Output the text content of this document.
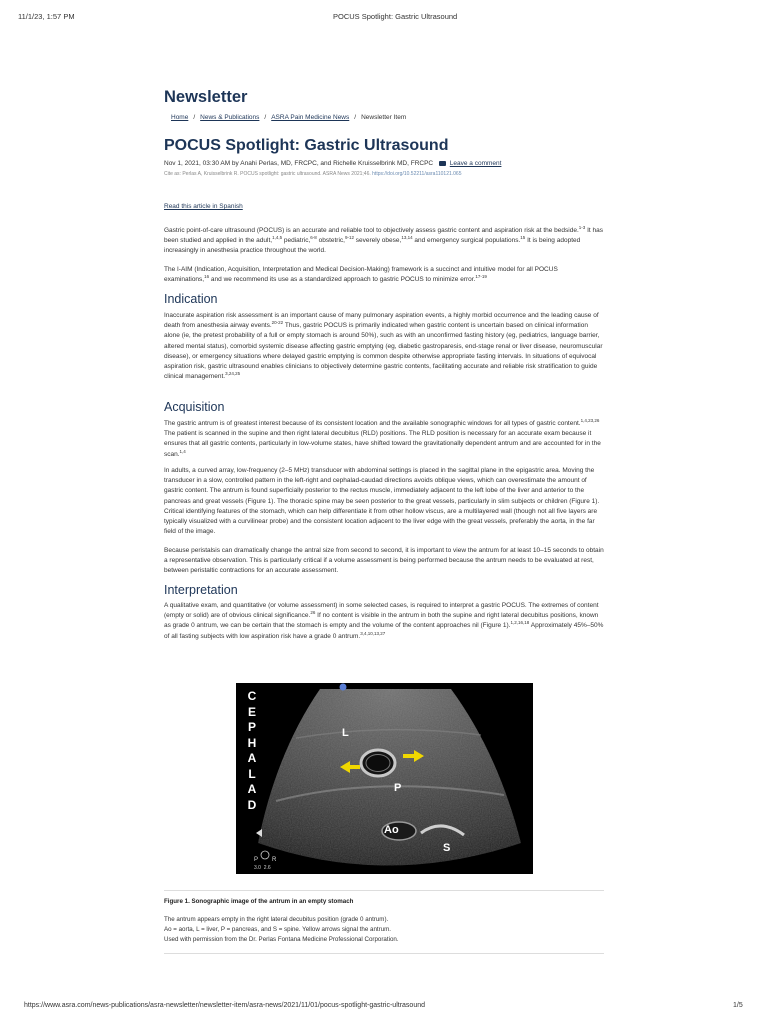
11/1/23, 1:57 PM	POCUS Spotlight: Gastric Ultrasound
Newsletter
Home / News & Publications / ASRA Pain Medicine News / Newsletter Item
POCUS Spotlight: Gastric Ultrasound
Nov 1, 2021, 03:30 AM by Anahi Perlas, MD, FRCPC, and Richelle Kruisselbrink MD, FRCPC	Leave a comment
Cite as: Perlas A, Kruisselbrink R. POCUS spotlight: gastric ultrasound. ASRA News 2021;46. https://doi.org/10.52211/asra110121.065
Read this article in Spanish

Gastric point-of-care ultrasound (POCUS) is an accurate and reliable tool to objectively assess gastric content and aspiration risk at the bedside.$^{1-3}$ It has been studied and applied in the adult,$^{1,4,5}$ pediatric,$^{6-8}$ obstetric,$^{9-12}$ severely obese,$^{13,14}$ and emergency surgical populations.$^{15}$ It is being adopted increasingly in anesthesia practice throughout the world.

The I-AIM (Indication, Acquisition, Interpretation and Medical Decision-Making) framework is a succinct and intuitive model for all POCUS examinations,$^{16}$ and we recommend its use as a standardized approach to gastric POCUS to minimize error.$^{17-19}$

Indication

Inaccurate aspiration risk assessment is an important cause of many pulmonary aspiration events, a highly morbid occurrence and the leading cause of death from anesthesia airway events.$^{20-22}$ Thus, gastric POCUS is primarily indicated when gastric content is uncertain based on clinical information alone (ie, the pretest probability of a full or empty stomach is around 50%), such as with an unconfirmed fasting history (eg, pediatrics, language barrier, altered mental status), comorbid systemic disease affecting gastric emptying (eg, diabetic gastroparesis, end-stage renal or liver disease, neuromuscular disease), or emergency situations where delayed gastric emptying is common despite otherwise appropriate fasting intervals. In situations of equivocal aspiration risk, gastric ultrasound enables clinicians to objectively determine gastric contents, facilitating accurate and reliable risk stratification to guide clinical management.$^{3,24,25}$

Acquisition

The gastric antrum is of greatest interest because of its consistent location and the available sonographic windows for all types of gastric content.$^{1,4,23,26}$ The patient is scanned in the supine and then right lateral decubitus (RLD) positions. The RLD position is necessary for an accurate exam because it ensures that all gastric contents, particularly in low-volume states, have shifted toward the gravitationally dependent antrum and are accounted for in the scan.$^{1,4}$

In adults, a curved array, low-frequency (2–5 MHz) transducer with abdominal settings is placed in the sagittal plane in the epigastric area. Moving the transducer in a slow, controlled pattern in the left-right and cephalad-caudad directions avoids oblique views, which can overestimate the amount of gastric content. The antrum is found superficially posterior to the rectus muscle, immediately adjacent to the left lobe of the liver and anterior to the pancreas and great vessels (Figure 1). The thoracic spine may be seen posterior to the great vessels, particularly in slim subjects or children (Figure 1). Critical identifying features of the stomach, which can help differentiate it from other hollow viscus, are a multilayered wall (though not all five layers are typically visualized with a curvilinear probe) and the consistent location adjacent to the liver edge with the great vessels, preferably the aorta, in the far field of the image.

Because peristalsis can dramatically change the antral size from second to second, it is important to view the antrum for at least 10–15 seconds to obtain a representative observation. This is particularly critical if a volume assessment is being performed because the antrum needs to be evaluated at rest, between peristaltic contractions for an accurate assessment.

Interpretation

A qualitative exam, and quantitative (or volume assessment) in some selected cases, is required to interpret a gastric POCUS. The extremes of content (empty or solid) are of obvious clinical significance.$^{26}$ If no content is visible in the antrum in both the supine and right lateral decubitus positions, known as grade 0 antrum, we can be certain that the stomach is empty and the volume of the content approaches nil (Figure 1).$^{1,2,16,18}$ Approximately 45%–50% of all fasting subjects with low aspiration risk have a grade 0 antrum.$^{3,4,10,13,27}$

C
E
P
H
A
L
A
D
L
P
Ao
S
P R
3.0  2.6
Figure 1. Sonographic image of the antrum in an empty stomach
The antrum appears empty in the right lateral decubitus position (grade 0 antrum).
Ao = aorta, L = liver, P = pancreas, and S = spine. Yellow arrows signal the antrum.
Used with permission from the Dr. Perlas Fontana Medicine Professional Corporation.
https://www.asra.com/news-publications/asra-newsletter/newsletter-item/asra-news/2021/11/01/pocus-spotlight-gastric-ultrasound	1/5
